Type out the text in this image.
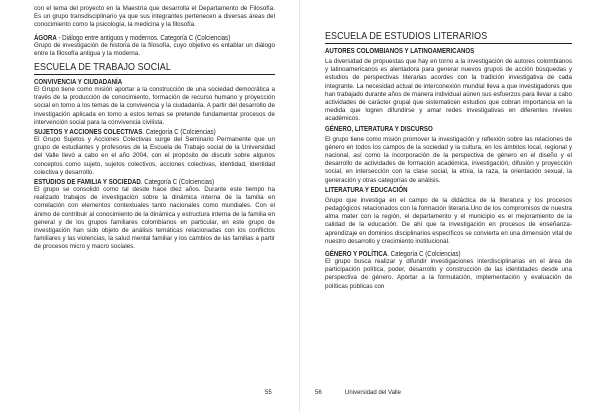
con el tema del proyecto en la Maestría que desarrolla el Departamento de Filosofía. Es un grupo transdisciplinario ya que sus integrantes pertenecen a diversas áreas del conocimiento como la psicología, la medicina y la filosofía.

ÁGORA - Diálogo entre antiguos y modernos. Categoría C (Colciencias)

Grupo de investigación de historia de la filosofía, cuyo objetivo es entablar un diálogo entre la filosofía antigua y la moderna.

ESCUELA DE TRABAJO SOCIAL

CONVIVENCIA Y CIUDADANÍA

El Grupo tiene como misión aportar a la construcción de una sociedad democrática a través de la producción de conocimiento, formación de recurso humano y proyección social en torno a los temas de la convivencia y la ciudadanía. A partir del desarrollo de investigación aplicada en torno a estos temas se pretende fundamentar procesos de intervención social para la convivencia civilista.

SUJETOS Y ACCIONES COLECTIVAS. Categoría C (Colciencias)

El Grupo Sujetos y Acciones Colectivas surge del Seminario Permanente que un grupo de estudiantes y profesores de la Escuela de Trabajo social de la Universidad del Valle llevó a cabo en el año 2004, con el propósito de discutir sobre algunos conceptos como sujeto, sujetos colectivos, acciones colectivas, identidad, identidad colectiva y desarrollo.

ESTUDIOS DE FAMILIA Y SOCIEDAD. Categoría C (Colciencias)

El grupo se consolidó como tal desde hace diez años. Durante este tiempo ha realizado trabajos de investigación sobre la dinámica interna de la familia en correlación con elementos contextuales tanto nacionales como mundiales. Con el ánimo de contribuir al conocimiento de la dinámica y estructura interna de la familia en general y de los grupos familiares colombianos en particular, en este grupo de investigación han sido objeto de análisis temáticas relacionadas con los conflictos familiares y las violencias, la salud mental familiar y los cambios de las familias a partir de procesos micro y macro sociales.

55
ESCUELA DE ESTUDIOS LITERARIOS

AUTORES COLOMBIANOS Y LATINOAMERICANOS

La diversidad de propuestas que hay en torno a la investigación de autores colombianos y latinoamericanos es alentadora para generar nuevos grupos de acción búsquedas y estudios de perspectivas literarias acordes con la tradición investigativa de cada integrante. La necesidad actual de interconexión mundial lleva a que investigadores que han trabajado durante años de manera individual aúnen sus esfuerzos para llevar a cabo actividades de carácter grupal que sistematicen estudios que cobran importancia en la medida que logren difundirse y amar redes investigativas en diferentes niveles académicos.

GÉNERO, LITERATURA Y DISCURSO

El grupo tiene como misión promover la investigación y reflexión sobre las relaciones de género en todos los campos de la sociedad y la cultura, en los ámbitos local, regional y nacional, así como la incorporación de la perspectiva de género en el diseño y el desarrollo de actividades de formación académica, investigación, difusión y proyección social, en intersección con la clase social, la etnia, la raza, la orientación sexual, la generación y otras categorías de análisis.

LITERATURA Y EDUCACIÓN

Grupo que investiga en el campo de la didáctica de la literatura y los procesos pedagógicos relacionados con la formación literaria.Uno de los compromisos de nuestra alma mater con la región, el departamento y el municipio es el mejoramiento de la calidad de la educación. De ahí que la investigación en procesos de enseñanza-aprendizaje en dominios disciplinarios específicos se convierta en una dimensión vital de nuestro desarrollo y crecimiento institucional.

GÉNERO Y POLÍTICA. Categoría C (Colciencias)

El grupo busca realizar y difundir investigaciones interdisciplinarias en el área de participación política, poder, desarrollo y construcción de las identidades desde una perspectiva de género. Aportar a la formulación, implementación y evaluación de políticas públicas con

56	Universidad del Valle
